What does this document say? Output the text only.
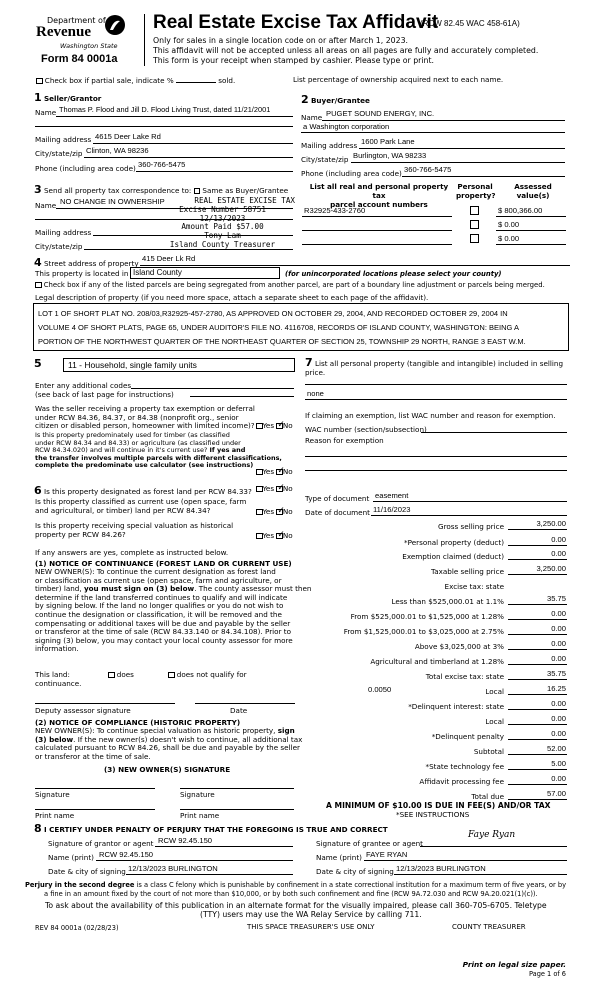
Department of
Revenue
Washington State
Form 84 0001a
Real Estate Excise Tax Affidavit
(RCW 82.45 WAC 458-61A)
Only for sales in a single location code on or after March 1, 2023.
This affidavit will not be accepted unless all areas on all pages are fully and accurately completed.
This form is your receipt when stamped by cashier. Please type or print.
Check box if partial sale, indicate %	sold.	List percentage of ownership acquired next to each name.
1 Seller/Grantor
Name Thomas P. Flood and Jill D. Flood Living Trust, dated 11/21/2001
Mailing address 4615 Deer Lake Rd
City/state/zip Clinton, WA 98236
Phone (including area code) 360-766-5475
2 Buyer/Grantee
Name PUGET SOUND ENERGY, INC.
a Washington corporation
Mailing address 1600 Park Lane
City/state/zip Burlington, WA 98233
Phone (including area code) 360-766-5475
3 Send all property tax correspondence to: Same as Buyer/Grantee
Name NO CHANGE IN OWNERSHIP
Mailing address
City/state/zip
REAL ESTATE EXCISE TAX
Excise Number 58751
12/13/2023
Amount Paid $57.00
Tony Lam
Island County Treasurer
List all real and personal property tax
parcel account numbers
Personal
property?
Assessed
value(s)
R32925-433-2760	$ 800,366.00
$ 0.00
$ 0.00
4 Street address of property
415 Deer Lk Rd
This property is located in Island County	(for unincorporated locations please select your county)
Check box if any of the listed parcels are being segregated from another parcel, are part of a boundary line adjustment or parcels being merged.
Legal description of property (if you need more space, attach a separate sheet to each page of the affidavit).
LOT 1 OF SHORT PLAT NO. 208/03,R32925-457-2780, AS APPROVED ON OCTOBER 29, 2004, AND RECORDED OCTOBER 29, 2004 IN
VOLUME 4 OF SHORT PLATS, PAGE 65, UNDER AUDITOR'S FILE NO. 4116708, RECORDS OF ISLAND COUNTY, WASHINGTON: BEING A
PORTION OF THE NORTHWEST QUARTER OF THE NORTHEAST QUARTER OF SECTION 25, TOWNSHIP 29 NORTH, RANGE 3 EAST W.M.
5	11 - Household, single family units
Enter any additional codes
(see back of last page for instructions)
Was the seller receiving a property tax exemption or deferral
under RCW 84.36, 84.37, or 84.38 (nonprofit org., senior
citizen or disabled person, homeowner with limited income)?	Yes ✓ No
Is this property predominately used for timber (as classified
under RCW 84.34 and 84.33) or agriculture (as classified under
RCW 84.34.020) and will continue in it's current use? If yes and
the transfer involves multiple parcels with different classifications,
complete the predominate use calculator (see instructions)
Yes ✓ No
6 Is this property designated as forest land per RCW 84.33?	Yes ✓ No
Is this property classified as current use (open space, farm
and agricultural, or timber) land per RCW 84.34?	Yes ✓ No
Is this property receiving special valuation as historical
property per RCW 84.26?	Yes ✓ No
If any answers are yes, complete as instructed below.
(1) NOTICE OF CONTINUANCE (FOREST LAND OR CURRENT USE)
NEW OWNER(S): To continue the current designation as forest land
or classification as current use (open space, farm and agriculture, or
timber) land, you must sign on (3) below. The county assessor must then
determine if the land transferred continues to qualify and will indicate
by signing below. If the land no longer qualifies or you do not wish to
continue the designation or classification, it will be removed and the
compensating or additional taxes will be due and payable by the seller
or transferor at the time of sale (RCW 84.33.140 or 84.34.108). Prior to
signing (3) below, you may contact your local county assessor for more
information.
This land:	does	does not qualify for
continuance.
Deputy assessor signature	Date
(2) NOTICE OF COMPLIANCE (HISTORIC PROPERTY)
NEW OWNER(S): To continue special valuation as historic property, sign
(3) below. If the new owner(s) doesn't wish to continue, all additional tax
calculated pursuant to RCW 84.26, shall be due and payable by the seller
or transferor at the time of sale.
(3) NEW OWNER(S) SIGNATURE
Signature	Signature
Print name	Print name
7 List all personal property (tangible and intangible) included in selling
price.
none
If claiming an exemption, list WAC number and reason for exemption.
WAC number (section/subsection)
Reason for exemption
Type of document easement
Date of document 11/16/2023
Gross selling price	3,250.00
*Personal property (deduct)	0.00
Exemption claimed (deduct)	0.00
Taxable selling price	3,250.00
Excise tax: state
Less than $525,000.01 at 1.1%	35.75
From $525,000.01 to $1,525,000 at 1.28%	0.00
From $1,525,000.01 to $3,025,000 at 2.75%	0.00
Above $3,025,000 at 3%	0.00
Agricultural and timberland at 1.28%	0.00
Total excise tax: state	35.75
0.0050	Local	16.25
*Delinquent interest: state	0.00
Local	0.00
*Delinquent penalty	0.00
Subtotal	52.00
*State technology fee	5.00
Affidavit processing fee	0.00
Total due	57.00
A MINIMUM OF $10.00 IS DUE IN FEE(S) AND/OR TAX
*SEE INSTRUCTIONS
8 I CERTIFY UNDER PENALTY OF PERJURY THAT THE FOREGOING IS TRUE AND CORRECT
Signature of grantor or agent RCW 92.45.150
Name (print) RCW 92.45.150
Date & city of signing 12/13/2023 BURLINGTON
Signature of grantee or agent
Faye Ryan
Name (print) FAYE RYAN
Date & city of signing 12/13/2023 BURLINGTON
Perjury in the second degree is a class C felony which is punishable by confinement in a state correctional institution for a maximum term of five years, or by
a fine in an amount fixed by the court of not more than $10,000, or by both such confinement and fine (RCW 9A.72.030 and RCW 9A.20.021(1)(c)).
To ask about the availability of this publication in an alternate format for the visually impaired, please call 360-705-6705. Teletype
(TTY) users may use the WA Relay Service by calling 711.
REV 84 0001a (02/28/23)	THIS SPACE TREASURER'S USE ONLY	COUNTY TREASURER
Print on legal size paper.
Page 1 of 6
